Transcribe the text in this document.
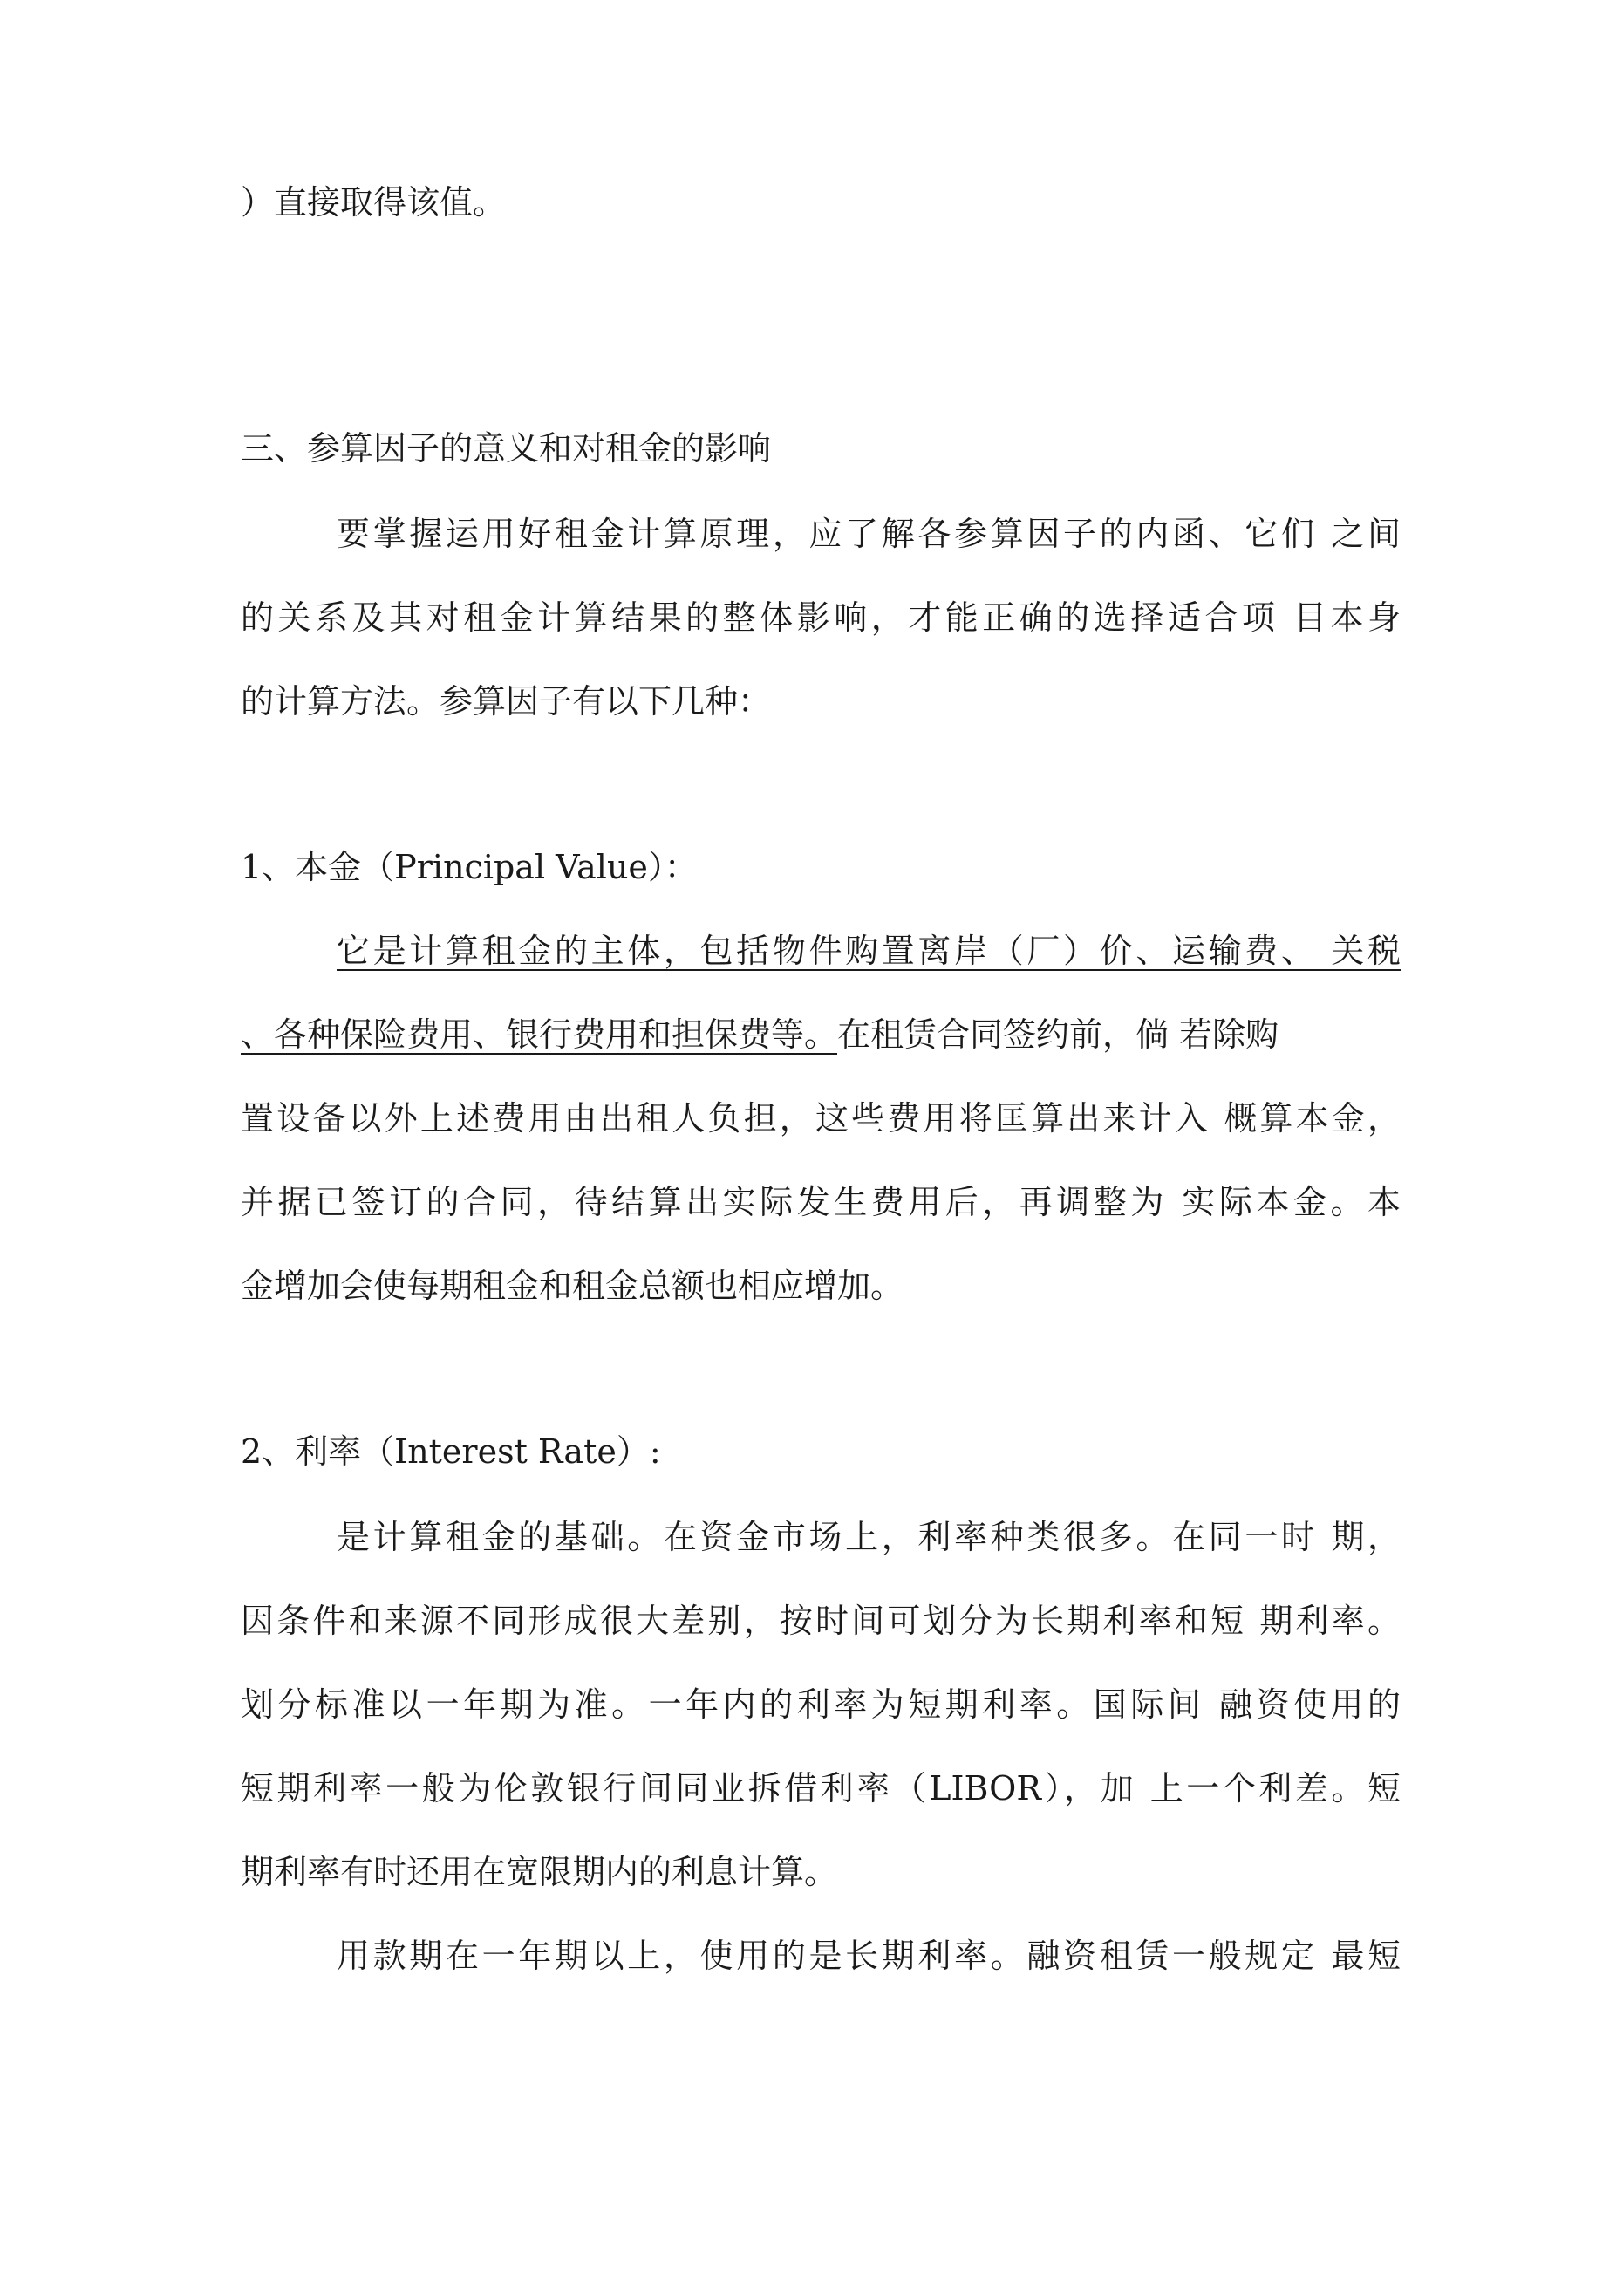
）直接取得该值。

三、参算因子的意义和对租金的影响

要掌握运用好租金计算原理，应了解各参算因子的内函、它们 之间

的关系及其对租金计算结果的整体影响，才能正确的选择适合项 目本身

的计算方法。参算因子有以下几种：

1、本金（Principal Value）：

它是计算租金的主体，包括物件购置离岸（厂）价、运输费、 关税

、各种保险费用、银行费用和担保费等。在租赁合同签约前，倘 若除购

置设备以外上述费用由出租人负担，这些费用将匡算出来计入 概算本金，

并据已签订的合同，待结算出实际发生费用后，再调整为 实际本金。本

金增加会使每期租金和租金总额也相应增加。

2、利率（Interest Rate）:

是计算租金的基础。在资金市场上，利率种类很多。在同一时 期，

因条件和来源不同形成很大差别，按时间可划分为长期利率和短 期利率。

划分标准以一年期为准。一年内的利率为短期利率。国际间 融资使用的

短期利率一般为伦敦银行间同业拆借利率（LIBOR），加 上一个利差。短

期利率有时还用在宽限期内的利息计算。

用款期在一年期以上，使用的是长期利率。融资租赁一般规定 最短
